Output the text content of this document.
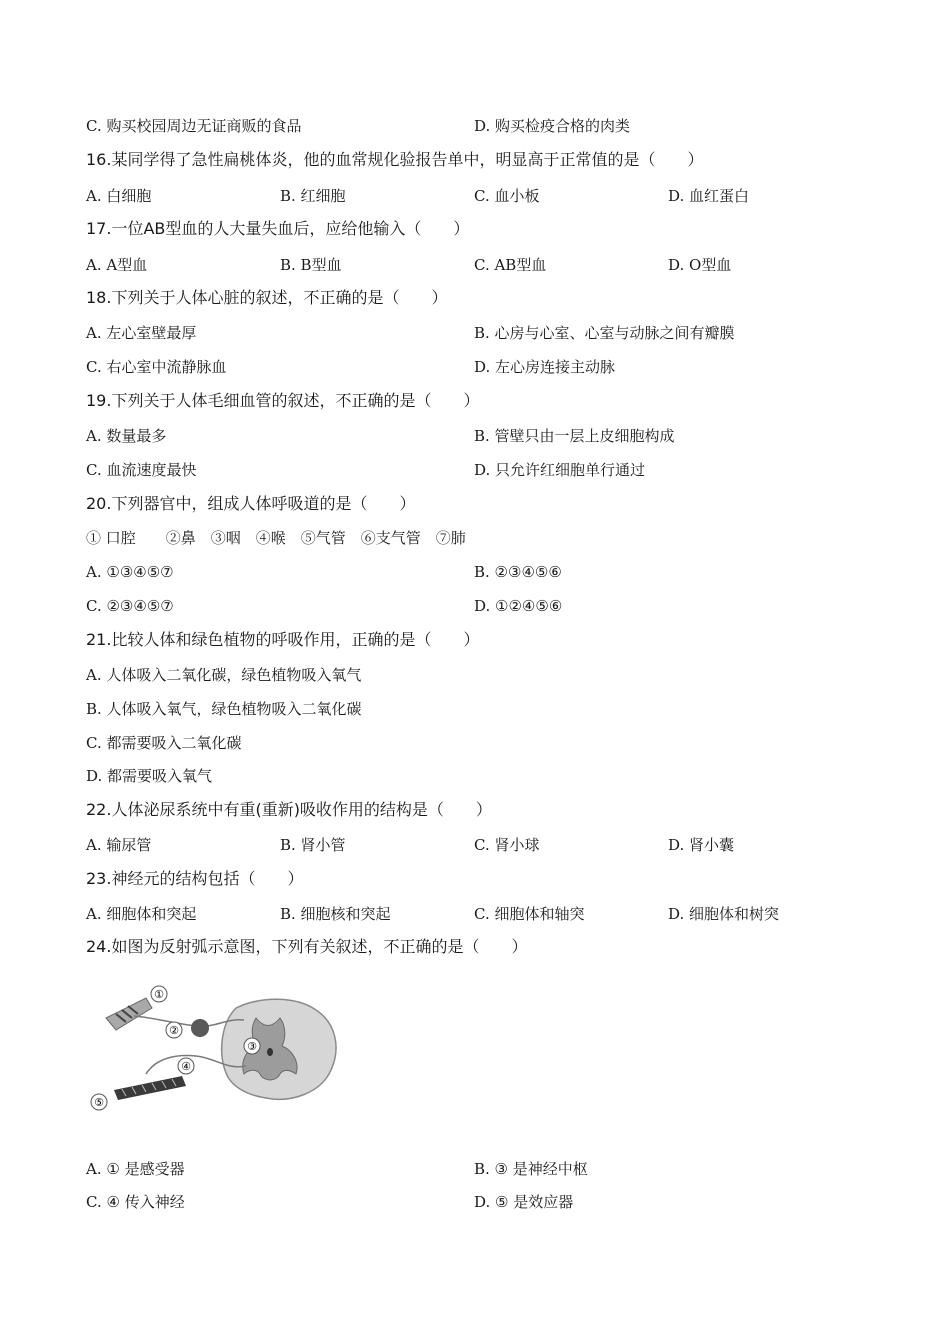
C. 购买校园周边无证商贩的食品	D. 购买检疫合格的肉类
16.某同学得了急性扁桃体炎，他的血常规化验报告单中，明显高于正常值的是（　　）
A. 白细胞	B. 红细胞	C. 血小板	D. 血红蛋白
17.一位AB型血的人大量失血后，应给他输入（　　）
A. A型血	B. B型血	C. AB型血	D. O型血
18.下列关于人体心脏的叙述，不正确的是（　　）
A. 左心室壁最厚	B. 心房与心室、心室与动脉之间有瓣膜
C. 右心室中流静脉血	D. 左心房连接主动脉
19.下列关于人体毛细血管的叙述，不正确的是（　　）
A. 数量最多	B. 管壁只由一层上皮细胞构成
C. 血流速度最快	D. 只允许红细胞单行通过
20.下列器官中，组成人体呼吸道的是（　　）
① 口腔　　②鼻　③咽　④喉　⑤气管　⑥支气管　⑦肺
A. ①③④⑤⑦	B. ②③④⑤⑥
C. ②③④⑤⑦	D. ①②④⑤⑥
21.比较人体和绿色植物的呼吸作用，正确的是（　　）
A. 人体吸入二氧化碳，绿色植物吸入氧气
B. 人体吸入氧气，绿色植物吸入二氧化碳
C. 都需要吸入二氧化碳
D. 都需要吸入氧气
22.人体泌尿系统中有重(重新)吸收作用的结构是（　　）
A. 输尿管	B. 肾小管	C. 肾小球	D. 肾小囊
23.神经元的结构包括（　　）
A. 细胞体和突起	B. 细胞核和突起	C. 细胞体和轴突	D. 细胞体和树突
24.如图为反射弧示意图，下列有关叙述，不正确的是（　　）
①
②
③
④
⑤
A. ① 是感受器	B. ③ 是神经中枢
C. ④ 传入神经	D. ⑤ 是效应器
